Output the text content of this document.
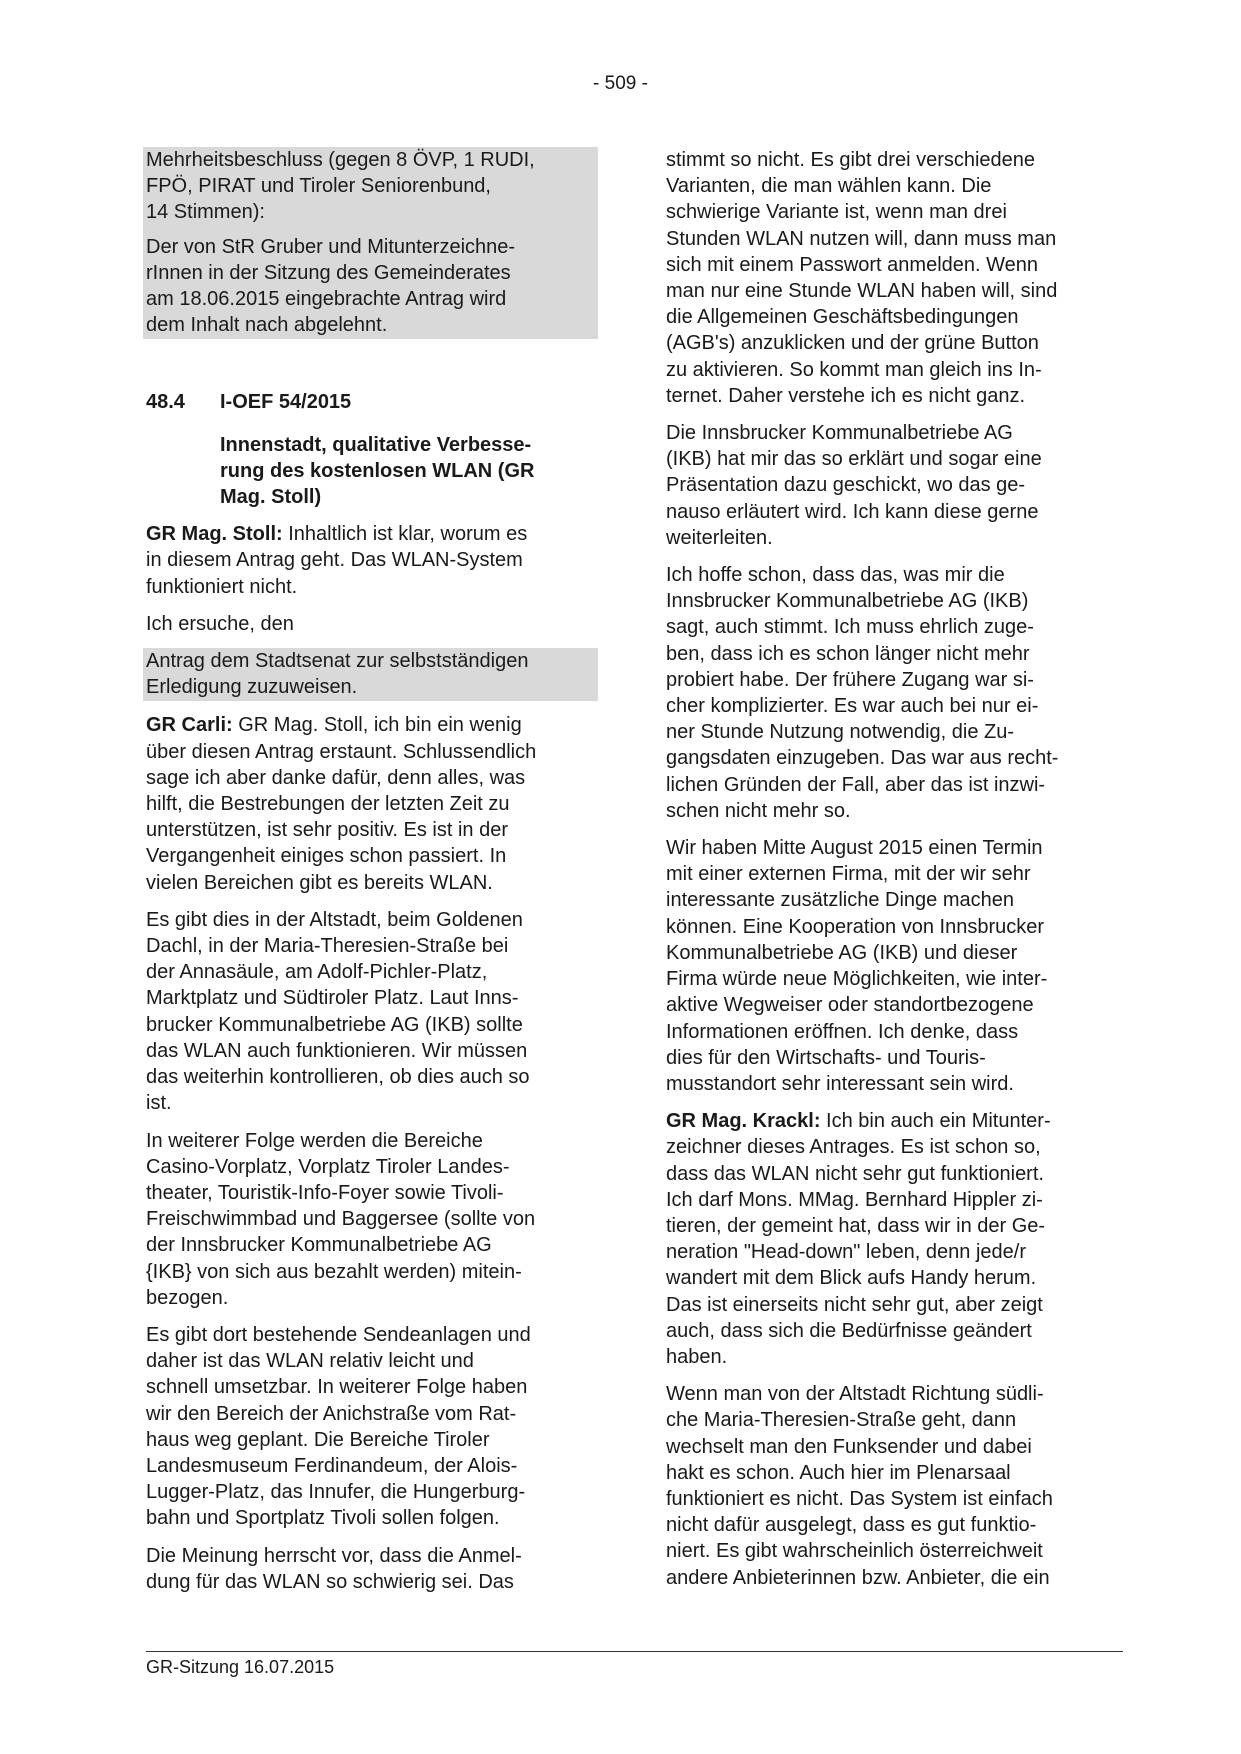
- 509 -

Mehrheitsbeschluss (gegen 8 ÖVP, 1 RUDI,
FPÖ, PIRAT und Tiroler Seniorenbund,
14 Stimmen):

Der von StR Gruber und Mitunterzeichne-
rInnen in der Sitzung des Gemeinderates
am 18.06.2015 eingebrachte Antrag wird
dem Inhalt nach abgelehnt.

48.4	I-OEF 54/2015
Innenstadt, qualitative Verbesse-
rung des kostenlosen WLAN (GR
Mag. Stoll)

GR Mag. Stoll: Inhaltlich ist klar, worum es
in diesem Antrag geht. Das WLAN-System
funktioniert nicht.

Ich ersuche, den

Antrag dem Stadtsenat zur selbstständigen
Erledigung zuzuweisen.

GR Carli: GR Mag. Stoll, ich bin ein wenig
über diesen Antrag erstaunt. Schlussendlich
sage ich aber danke dafür, denn alles, was
hilft, die Bestrebungen der letzten Zeit zu
unterstützen, ist sehr positiv. Es ist in der
Vergangenheit einiges schon passiert. In
vielen Bereichen gibt es bereits WLAN.

Es gibt dies in der Altstadt, beim Goldenen
Dachl, in der Maria-Theresien-Straße bei
der Annasäule, am Adolf-Pichler-Platz,
Marktplatz und Südtiroler Platz. Laut Inns-
brucker Kommunalbetriebe AG (IKB) sollte
das WLAN auch funktionieren. Wir müssen
das weiterhin kontrollieren, ob dies auch so
ist.

In weiterer Folge werden die Bereiche
Casino-Vorplatz, Vorplatz Tiroler Landes-
theater, Touristik-Info-Foyer sowie Tivoli-
Freischwimmbad und Baggersee (sollte von
der Innsbrucker Kommunalbetriebe AG
{IKB} von sich aus bezahlt werden) mitein-
bezogen.

Es gibt dort bestehende Sendeanlagen und
daher ist das WLAN relativ leicht und
schnell umsetzbar. In weiterer Folge haben
wir den Bereich der Anichstraße vom Rat-
haus weg geplant. Die Bereiche Tiroler
Landesmuseum Ferdinandeum, der Alois-
Lugger-Platz, das Innufer, die Hungerburg-
bahn und Sportplatz Tivoli sollen folgen.

Die Meinung herrscht vor, dass die Anmel-
dung für das WLAN so schwierig sei. Das

stimmt so nicht. Es gibt drei verschiedene
Varianten, die man wählen kann. Die
schwierige Variante ist, wenn man drei
Stunden WLAN nutzen will, dann muss man
sich mit einem Passwort anmelden. Wenn
man nur eine Stunde WLAN haben will, sind
die Allgemeinen Geschäftsbedingungen
(AGB's) anzuklicken und der grüne Button
zu aktivieren. So kommt man gleich ins In-
ternet. Daher verstehe ich es nicht ganz.

Die Innsbrucker Kommunalbetriebe AG
(IKB) hat mir das so erklärt und sogar eine
Präsentation dazu geschickt, wo das ge-
nauso erläutert wird. Ich kann diese gerne
weiterleiten.

Ich hoffe schon, dass das, was mir die
Innsbrucker Kommunalbetriebe AG (IKB)
sagt, auch stimmt. Ich muss ehrlich zuge-
ben, dass ich es schon länger nicht mehr
probiert habe. Der frühere Zugang war si-
cher komplizierter. Es war auch bei nur ei-
ner Stunde Nutzung notwendig, die Zu-
gangsdaten einzugeben. Das war aus recht-
lichen Gründen der Fall, aber das ist inzwi-
schen nicht mehr so.

Wir haben Mitte August 2015 einen Termin
mit einer externen Firma, mit der wir sehr
interessante zusätzliche Dinge machen
können. Eine Kooperation von Innsbrucker
Kommunalbetriebe AG (IKB) und dieser
Firma würde neue Möglichkeiten, wie inter-
aktive Wegweiser oder standortbezogene
Informationen eröffnen. Ich denke, dass
dies für den Wirtschafts- und Touris-
musstandort sehr interessant sein wird.

GR Mag. Krackl: Ich bin auch ein Mitunter-
zeichner dieses Antrages. Es ist schon so,
dass das WLAN nicht sehr gut funktioniert.
Ich darf Mons. MMag. Bernhard Hippler zi-
tieren, der gemeint hat, dass wir in der Ge-
neration "Head-down" leben, denn jede/r
wandert mit dem Blick aufs Handy herum.
Das ist einerseits nicht sehr gut, aber zeigt
auch, dass sich die Bedürfnisse geändert
haben.

Wenn man von der Altstadt Richtung südli-
che Maria-Theresien-Straße geht, dann
wechselt man den Funksender und dabei
hakt es schon. Auch hier im Plenarsaal
funktioniert es nicht. Das System ist einfach
nicht dafür ausgelegt, dass es gut funktio-
niert. Es gibt wahrscheinlich österreichweit
andere Anbieterinnen bzw. Anbieter, die ein

GR-Sitzung 16.07.2015
